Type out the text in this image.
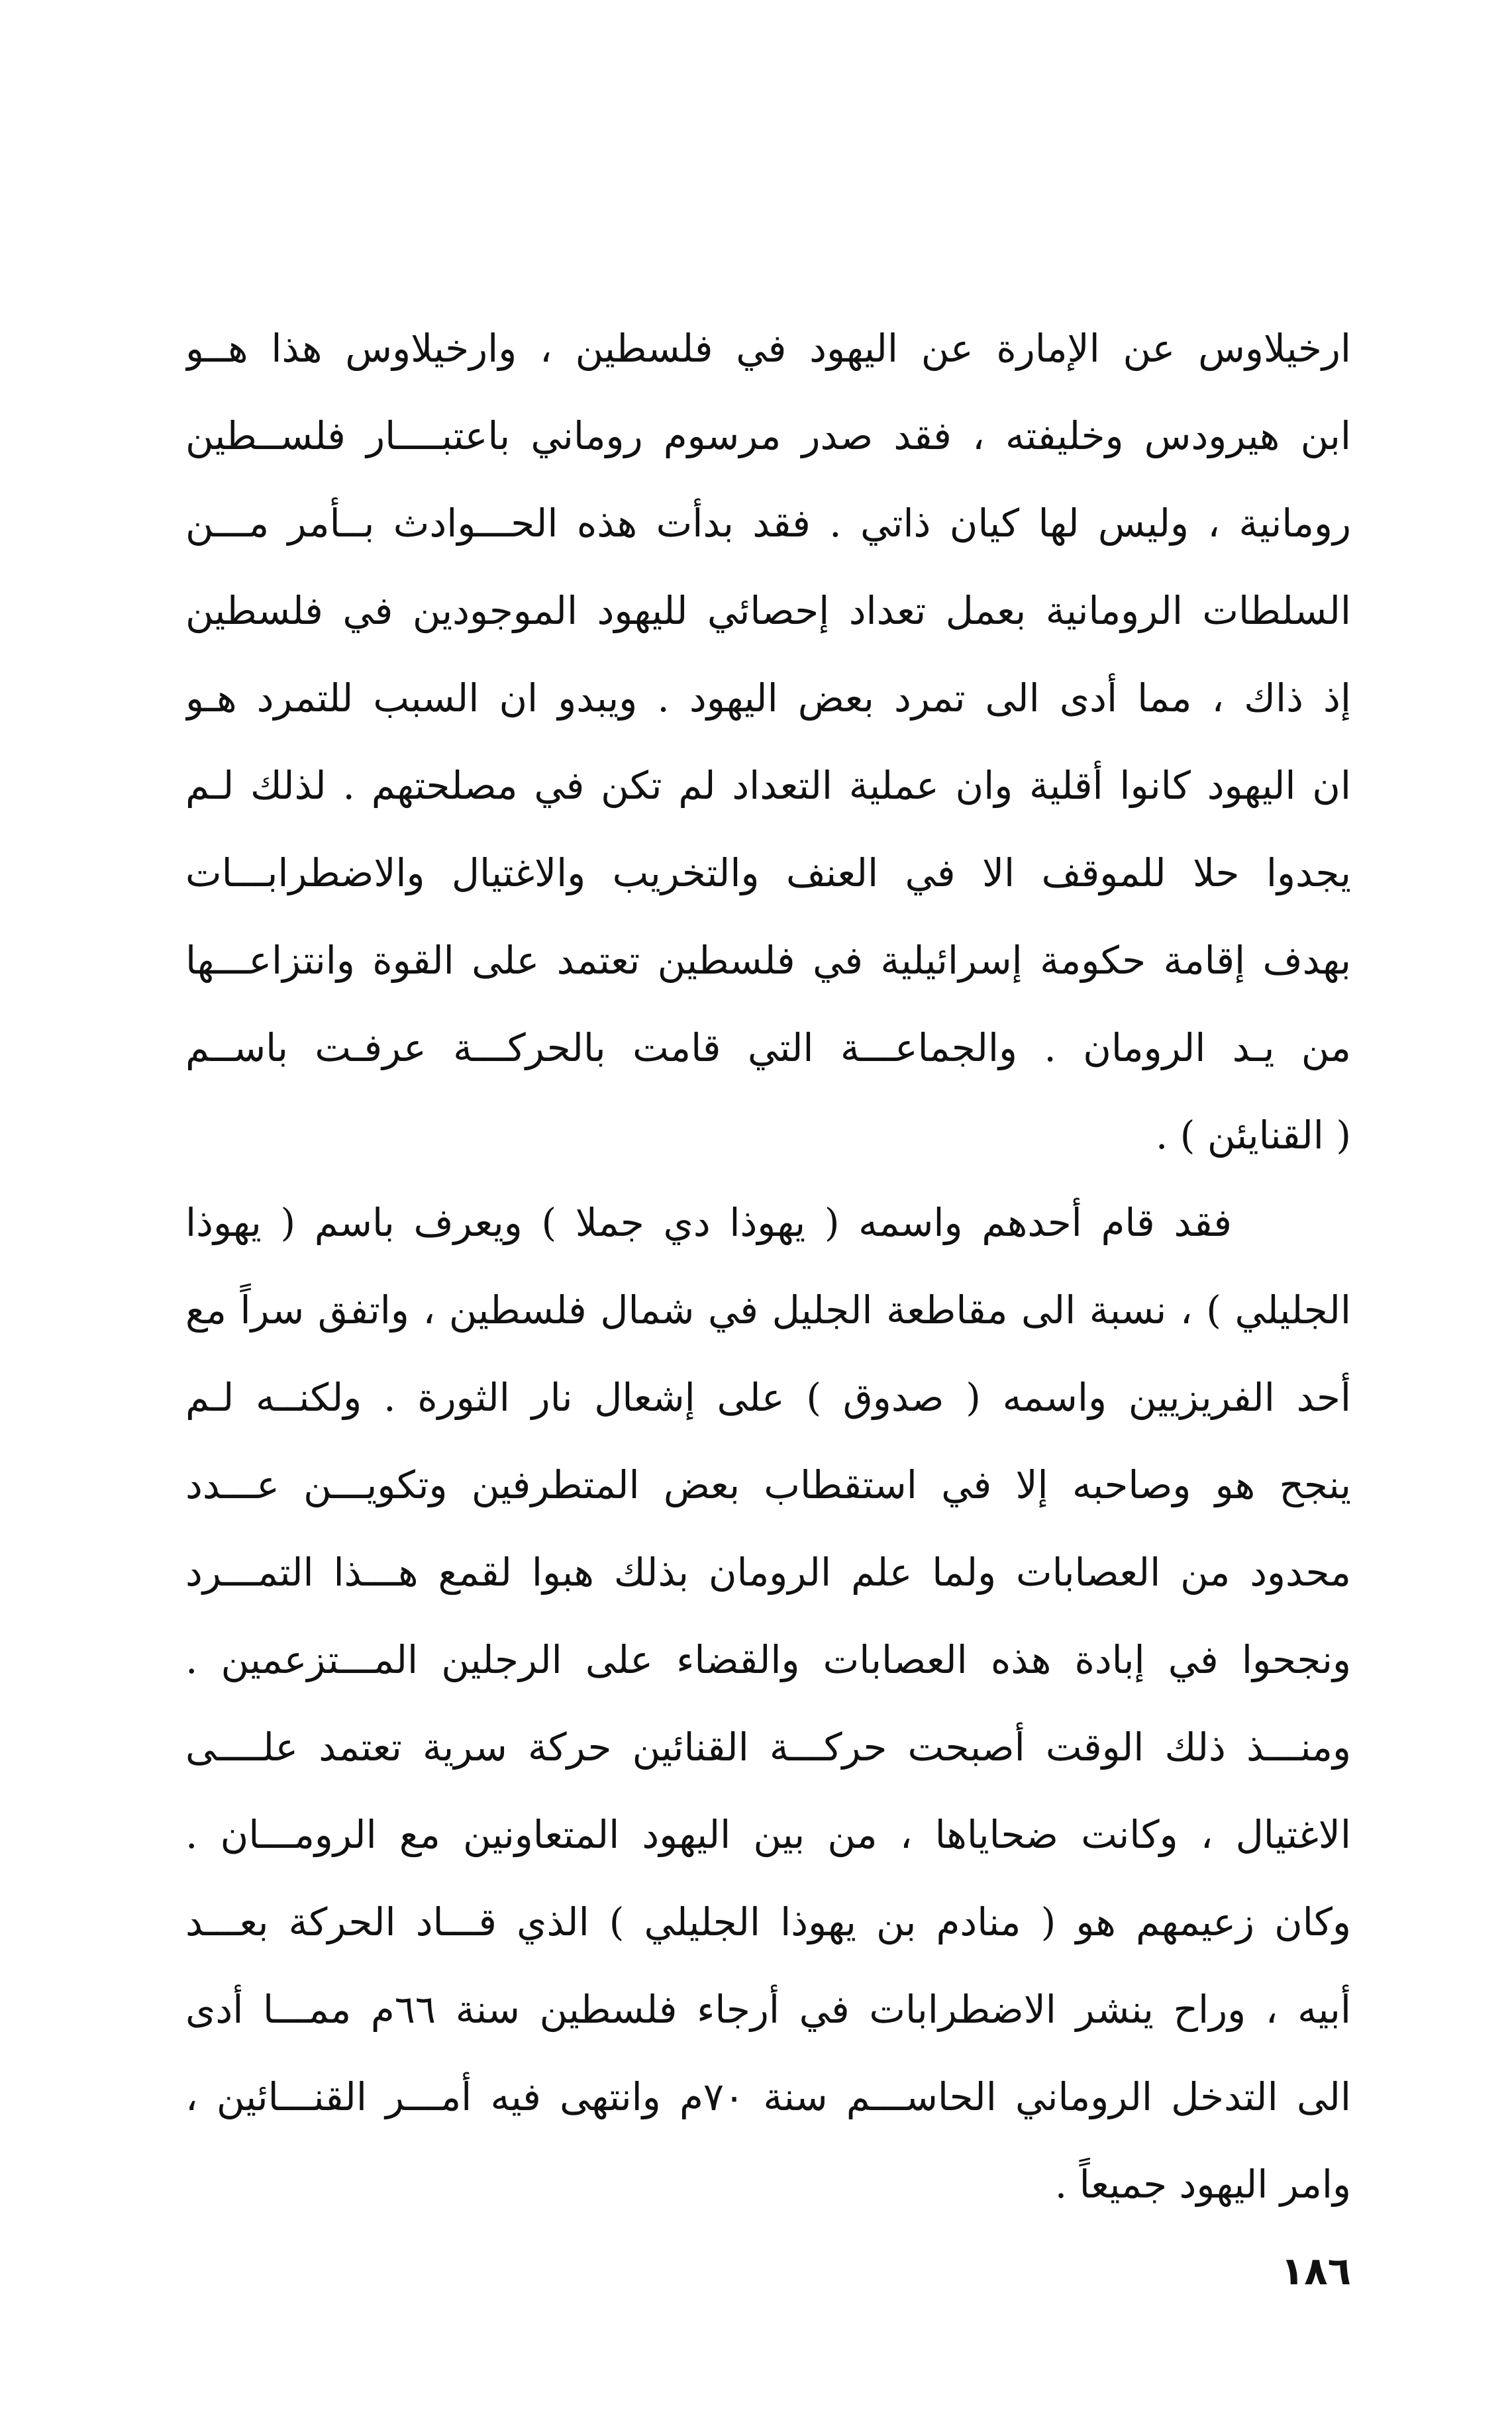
ارخيلاوس عن الإمارة عن اليهود في فلسطين ، وارخيلاوس هذا هــو
ابن هيرودس وخليفته ، فقد صدر مرسوم روماني باعتبــــار فلســطين
رومانية ، وليس لها كيان ذاتي . فقد بدأت هذه الحـــوادث بــأمر مـــن
السلطات الرومانية بعمل تعداد إحصائي لليهود الموجودين في فلسطين
إذ ذاك ، مما أدى الى تمرد بعض اليهود . ويبدو ان السبب للتمرد هـو
ان اليهود كانوا أقلية وان عملية التعداد لم تكن في مصلحتهم . لذلك لـم
يجدوا حلا للموقف الا في العنف والتخريب والاغتيال والاضطرابـــات
بهدف إقامة حكومة إسرائيلية في فلسطين تعتمد على القوة وانتزاعـــها
من يـد الرومان . والجماعـــة التي قامت بالحركـــة عرفـت باســم
( القنايئن ) .
فقد قام أحدهم واسمه ( يهوذا دي جملا ) ويعرف باسم ( يهوذا
الجليلي ) ، نسبة الى مقاطعة الجليل في شمال فلسطين ، واتفق سراً مع
أحد الفريزيين واسمه ( صدوق ) على إشعال نار الثورة . ولكنــه لـم
ينجح هو وصاحبه إلا في استقطاب بعض المتطرفين وتكويـــن عـــدد
محدود من العصابات ولما علم الرومان بذلك هبوا لقمع هـــذا التمـــرد
ونجحوا في إبادة هذه العصابات والقضاء على الرجلين المـــتزعمين .
ومنـــذ ذلك الوقت أصبحت حركـــة القنائين حركة سرية تعتمد علــــى
الاغتيال ، وكانت ضحاياها ، من بين اليهود المتعاونين مع الرومـــان .
وكان زعيمهم هو ( منادم بن يهوذا الجليلي ) الذي قـــاد الحركة بعـــد
أبيه ، وراح ينشر الاضطرابات في أرجاء فلسطين سنة ٦٦م ممـــا أدى
الى التدخل الروماني الحاســـم سنة ٧٠م وانتهى فيه أمـــر القنـــائين ،
وامر اليهود جميعاً .
١٨٦
